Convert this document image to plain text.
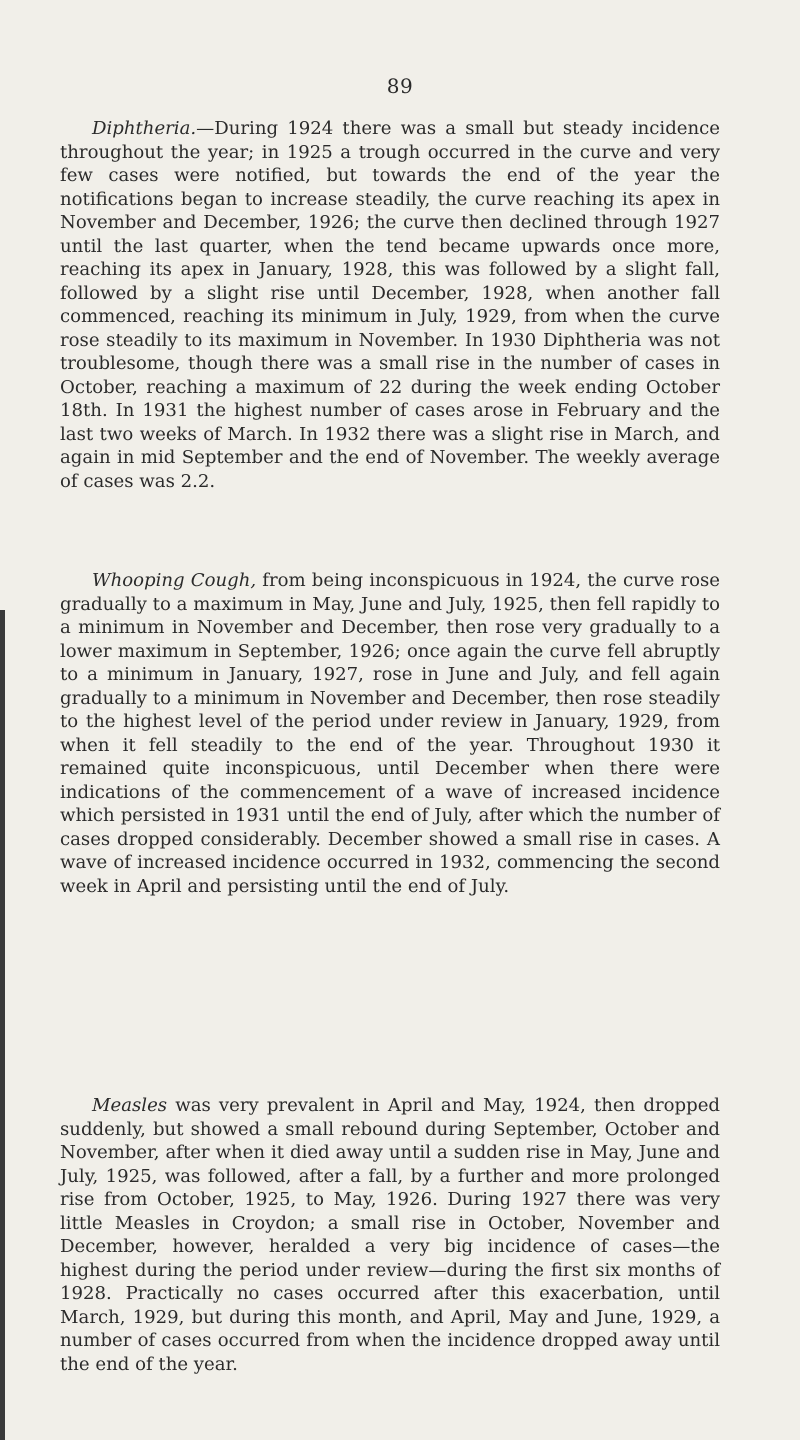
89

Diphtheria.—During 1924 there was a small but steady incidence throughout the year; in 1925 a trough occurred in the curve and very few cases were notified, but towards the end of the year the notifications began to increase steadily, the curve reaching its apex in November and December, 1926; the curve then declined through 1927 until the last quarter, when the tend became upwards once more, reaching its apex in January, 1928, this was followed by a slight fall, followed by a slight rise until December, 1928, when another fall commenced, reaching its minimum in July, 1929, from when the curve rose steadily to its maximum in November. In 1930 Diphtheria was not troublesome, though there was a small rise in the number of cases in October, reaching a maximum of 22 during the week ending October 18th. In 1931 the highest number of cases arose in February and the last two weeks of March. In 1932 there was a slight rise in March, and again in mid September and the end of November. The weekly average of cases was 2.2.

Whooping Cough, from being inconspicuous in 1924, the curve rose gradually to a maximum in May, June and July, 1925, then fell rapidly to a minimum in November and December, then rose very gradually to a lower maximum in September, 1926; once again the curve fell abruptly to a minimum in January, 1927, rose in June and July, and fell again gradually to a minimum in November and December, then rose steadily to the highest level of the period under review in January, 1929, from when it fell steadily to the end of the year. Throughout 1930 it remained quite inconspicuous, until December when there were indications of the commencement of a wave of increased incidence which persisted in 1931 until the end of July, after which the number of cases dropped considerably. December showed a small rise in cases. A wave of increased incidence occurred in 1932, commencing the second week in April and persisting until the end of July.

Measles was very prevalent in April and May, 1924, then dropped suddenly, but showed a small rebound during September, October and November, after when it died away until a sudden rise in May, June and July, 1925, was followed, after a fall, by a further and more prolonged rise from October, 1925, to May, 1926. During 1927 there was very little Measles in Croydon; a small rise in October, November and December, however, heralded a very big incidence of cases—the highest during the period under review—during the first six months of 1928. Practically no cases occurred after this exacerbation, until March, 1929, but during this month, and April, May and June, 1929, a number of cases occurred from when the incidence dropped away until the end of the year.
